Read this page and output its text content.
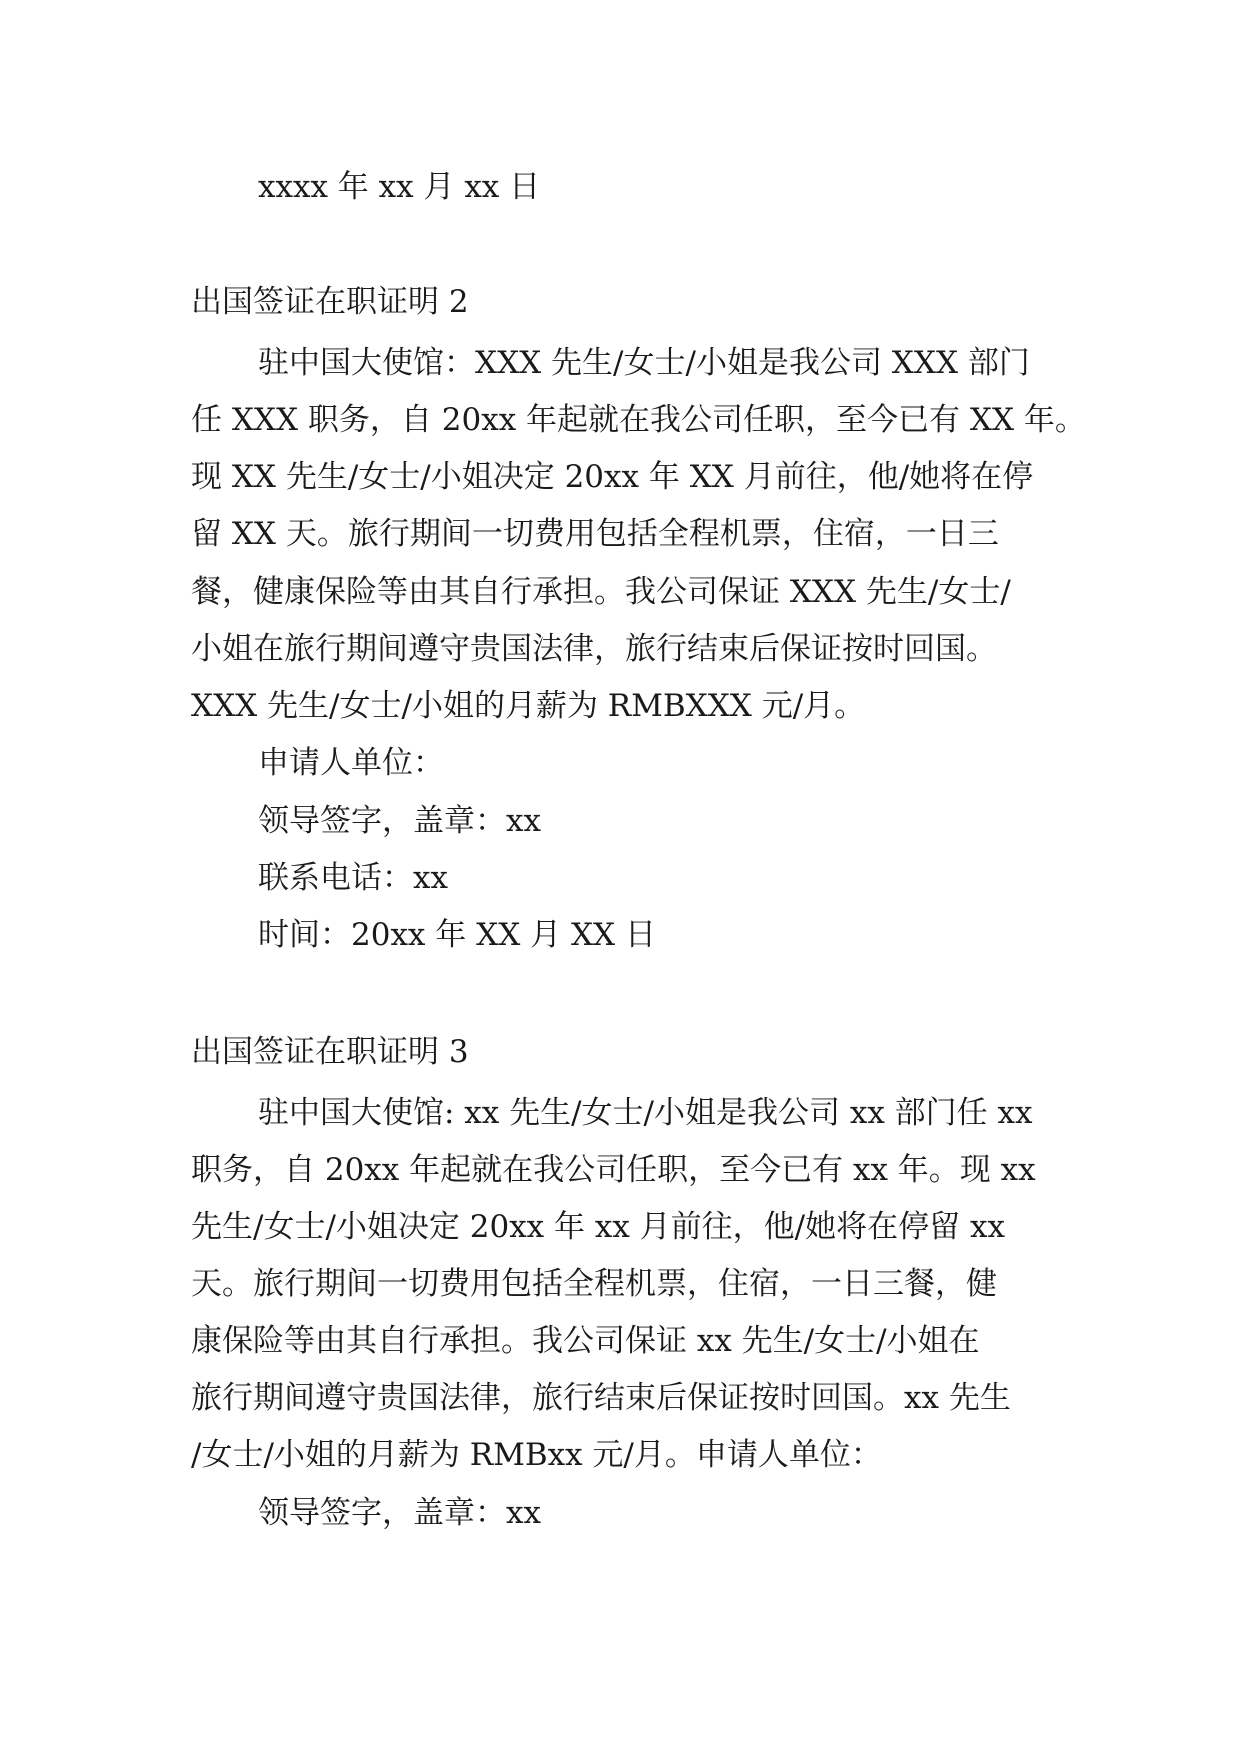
xxxx 年 xx 月 xx 日
出国签证在职证明 2
驻中国大使馆：XXX 先生/女士/小姐是我公司 XXX 部门
任 XXX 职务，自 20xx 年起就在我公司任职，至今已有 XX 年。
现 XX 先生/女士/小姐决定 20xx 年 XX 月前往，他/她将在停
留 XX 天。旅行期间一切费用包括全程机票，住宿，一日三
餐，健康保险等由其自行承担。我公司保证 XXX 先生/女士/
小姐在旅行期间遵守贵国法律，旅行结束后保证按时回国。
XXX 先生/女士/小姐的月薪为 RMBXXX 元/月。
申请人单位：
领导签字，盖章：xx
联系电话：xx
时间：20xx 年 XX 月 XX 日
出国签证在职证明 3
驻中国大使馆: xx 先生/女士/小姐是我公司 xx 部门任 xx
职务，自 20xx 年起就在我公司任职，至今已有 xx 年。现 xx
先生/女士/小姐决定 20xx 年 xx 月前往，他/她将在停留 xx
天。旅行期间一切费用包括全程机票，住宿，一日三餐，健
康保险等由其自行承担。我公司保证 xx 先生/女士/小姐在
旅行期间遵守贵国法律，旅行结束后保证按时回国。xx 先生
/女士/小姐的月薪为 RMBxx 元/月。申请人单位：
领导签字，盖章：xx
